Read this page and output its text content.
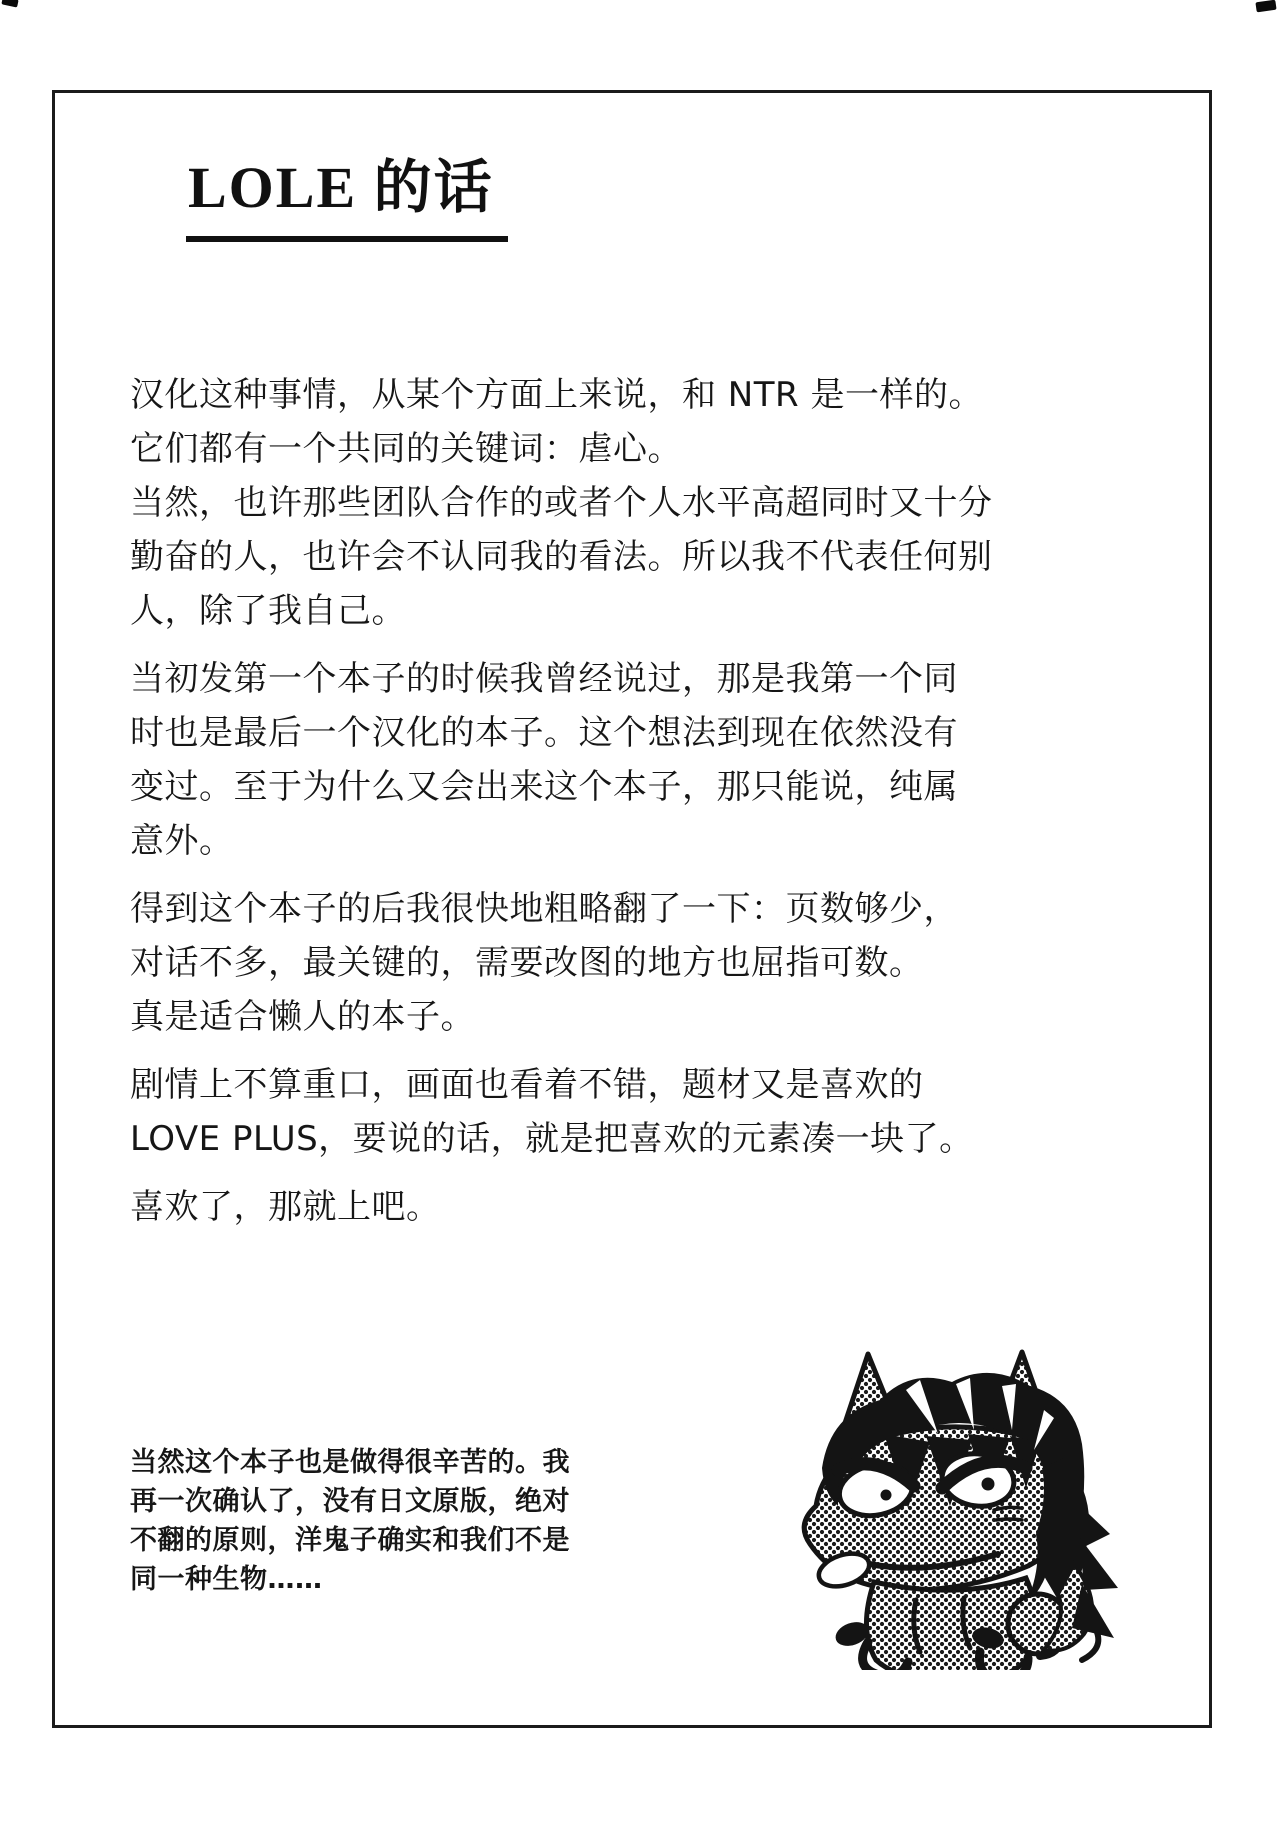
LOLE 的话

汉化这种事情，从某个方面上来说，和 NTR 是一样的。
它们都有一个共同的关键词：虐心。
当然，也许那些团队合作的或者个人水平高超同时又十分
勤奋的人，也许会不认同我的看法。所以我不代表任何别
人，除了我自己。

当初发第一个本子的时候我曾经说过，那是我第一个同
时也是最后一个汉化的本子。这个想法到现在依然没有
变过。至于为什么又会出来这个本子，那只能说，纯属
意外。

得到这个本子的后我很快地粗略翻了一下：页数够少，
对话不多，最关键的，需要改图的地方也屈指可数。
真是适合懒人的本子。

剧情上不算重口，画面也看着不错，题材又是喜欢的
LOVE PLUS，要说的话，就是把喜欢的元素凑一块了。

喜欢了，那就上吧。

当然这个本子也是做得很辛苦的。我
再一次确认了，没有日文原版，绝对
不翻的原则，洋鬼子确实和我们不是
同一种生物……
